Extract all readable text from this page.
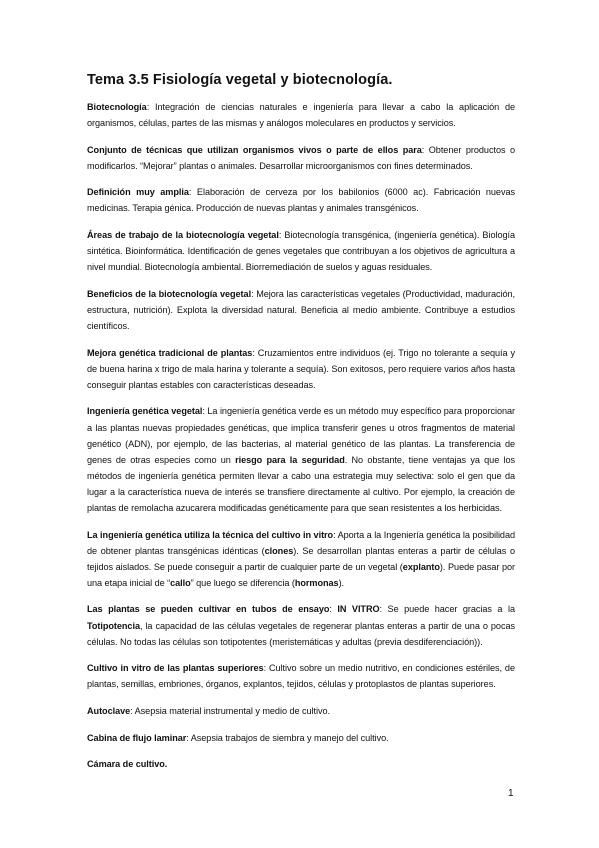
Tema 3.5 Fisiología vegetal y biotecnología.

Biotecnología: Integración de ciencias naturales e ingeniería para llevar a cabo la aplicación de organismos, células, partes de las mismas y análogos moleculares en productos y servicios.

Conjunto de técnicas que utilizan organismos vivos o parte de ellos para: Obtener productos o modificarlos. “Mejorar” plantas o animales. Desarrollar microorganismos con fines determinados.

Definición muy amplia: Elaboración de cerveza por los babilonios (6000 ac). Fabricación nuevas medicinas. Terapia génica. Producción de nuevas plantas y animales transgénicos.

Áreas de trabajo de la biotecnología vegetal: Biotecnología transgénica, (ingeniería genética). Biología sintética. Bioinformática. Identificación de genes vegetales que contribuyan a los objetivos de agricultura a nivel mundial. Biotecnología ambiental. Biorremediación de suelos y aguas residuales.

Beneficios de la biotecnología vegetal: Mejora las características vegetales (Productividad, maduración, estructura, nutrición). Explota la diversidad natural. Beneficia al medio ambiente. Contribuye a estudios científicos.

Mejora genética tradicional de plantas: Cruzamientos entre individuos (ej. Trigo no tolerante a sequía y de buena harina x trigo de mala harina y tolerante a sequía). Son exitosos, pero requiere varios años hasta conseguir plantas estables con características deseadas.

Ingeniería genética vegetal: La ingeniería genética verde es un método muy específico para proporcionar a las plantas nuevas propiedades genéticas, que implica transferir genes u otros fragmentos de material genético (ADN), por ejemplo, de las bacterias, al material genético de las plantas. La transferencia de genes de otras especies como un riesgo para la seguridad. No obstante, tiene ventajas ya que los métodos de ingeniería genética permiten llevar a cabo una estrategia muy selectiva: solo el gen que da lugar a la característica nueva de interés se transfiere directamente al cultivo. Por ejemplo, la creación de plantas de remolacha azucarera modificadas genéticamente para que sean resistentes a los herbicidas.

La ingeniería genética utiliza la técnica del cultivo in vitro: Aporta a la Ingeniería genética la posibilidad de obtener plantas transgénicas idénticas (clones). Se desarrollan plantas enteras a partir de células o tejidos aislados. Se puede conseguir a partir de cualquier parte de un vegetal (explanto). Puede pasar por una etapa inicial de “callo” que luego se diferencia (hormonas).

Las plantas se pueden cultivar en tubos de ensayo: IN VITRO: Se puede hacer gracias a la Totipotencia, la capacidad de las células vegetales de regenerar plantas enteras a partir de una o pocas células. No todas las células son totipotentes (meristemáticas y adultas (previa desdiferenciación)).

Cultivo in vitro de las plantas superiores: Cultivo sobre un medio nutritivo, en condiciones estériles, de plantas, semillas, embriones, órganos, explantos, tejidos, células y protoplastos de plantas superiores.

Autoclave: Asepsia material instrumental y medio de cultivo.

Cabina de flujo laminar: Asepsia trabajos de siembra y manejo del cultivo.

Cámara de cultivo.

1
